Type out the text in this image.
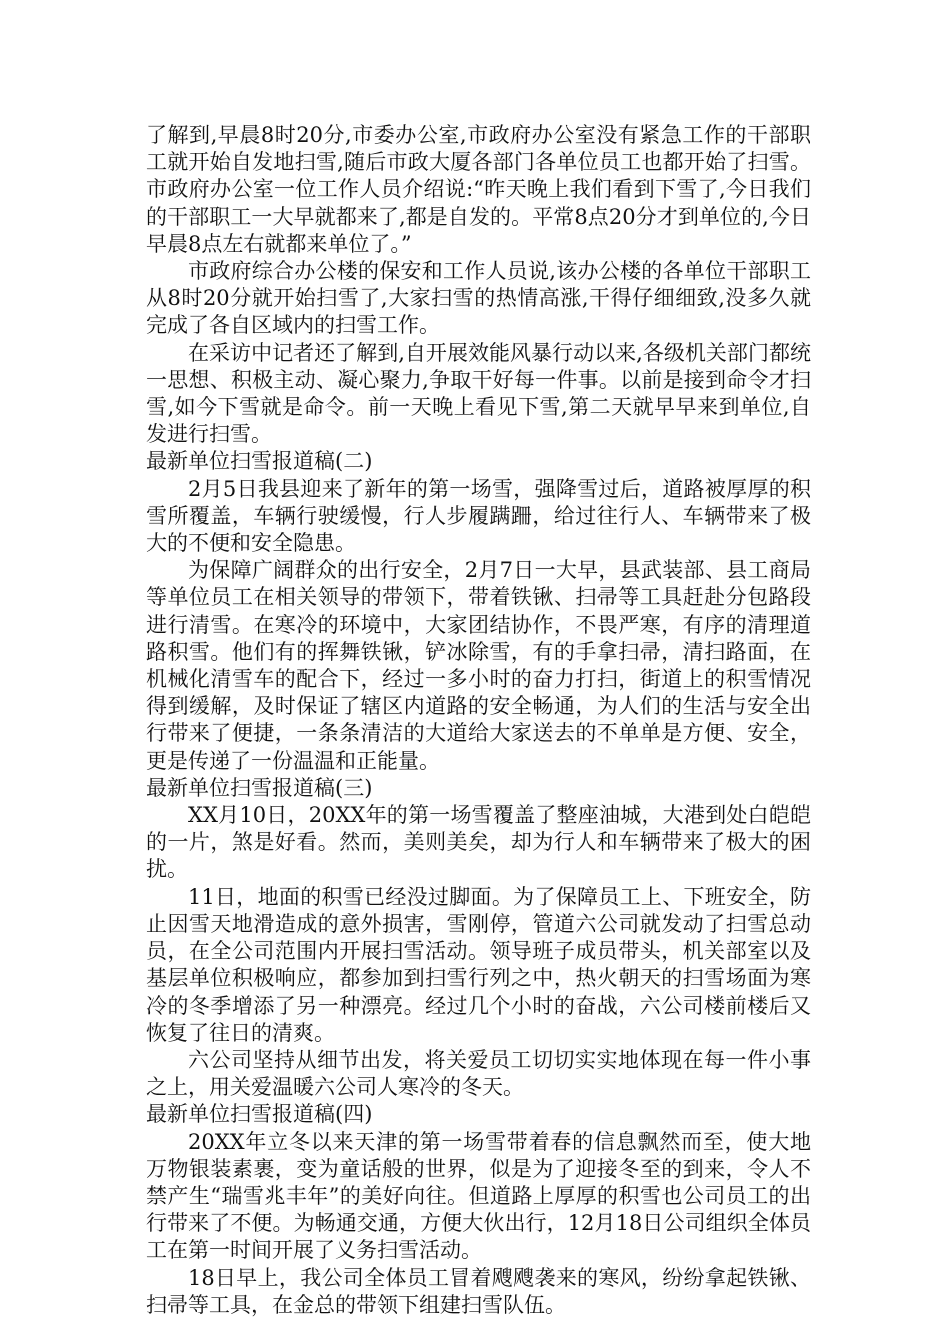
了解到,早晨8时20分,市委办公室,市政府办公室没有紧急工作的干部职工就开始自发地扫雪,随后市政大厦各部门各单位员工也都开始了扫雪。市政府办公室一位工作人员介绍说:“昨天晚上我们看到下雪了,今日我们的干部职工一大早就都来了,都是自发的。平常8点20分才到单位的,今日早晨8点左右就都来单位了。”

市政府综合办公楼的保安和工作人员说,该办公楼的各单位干部职工从8时20分就开始扫雪了,大家扫雪的热情高涨,干得仔细细致,没多久就完成了各自区域内的扫雪工作。

在采访中记者还了解到,自开展效能风暴行动以来,各级机关部门都统一思想、积极主动、凝心聚力,争取干好每一件事。以前是接到命令才扫雪,如今下雪就是命令。前一天晚上看见下雪,第二天就早早来到单位,自发进行扫雪。

最新单位扫雪报道稿(二)

2月5日我县迎来了新年的第一场雪，强降雪过后，道路被厚厚的积雪所覆盖，车辆行驶缓慢，行人步履蹒跚，给过往行人、车辆带来了极大的不便和安全隐患。

为保障广阔群众的出行安全，2月7日一大早，县武装部、县工商局等单位员工在相关领导的带领下，带着铁锹、扫帚等工具赶赴分包路段进行清雪。在寒冷的环境中，大家团结协作，不畏严寒，有序的清理道路积雪。他们有的挥舞铁锹，铲冰除雪，有的手拿扫帚，清扫路面，在机械化清雪车的配合下，经过一多小时的奋力打扫，街道上的积雪情况得到缓解，及时保证了辖区内道路的安全畅通，为人们的生活与安全出行带来了便捷，一条条清洁的大道给大家送去的不单单是方便、安全，更是传递了一份温温和正能量。

最新单位扫雪报道稿(三)

XX月10日，20XX年的第一场雪覆盖了整座油城，大港到处白皑皑的一片，煞是好看。然而，美则美矣，却为行人和车辆带来了极大的困扰。

11日，地面的积雪已经没过脚面。为了保障员工上、下班安全，防止因雪天地滑造成的意外损害，雪刚停，管道六公司就发动了扫雪总动员，在全公司范围内开展扫雪活动。领导班子成员带头，机关部室以及基层单位积极响应，都参加到扫雪行列之中，热火朝天的扫雪场面为寒冷的冬季增添了另一种漂亮。经过几个小时的奋战，六公司楼前楼后又恢复了往日的清爽。

六公司坚持从细节出发，将关爱员工切切实实地体现在每一件小事之上，用关爱温暖六公司人寒冷的冬天。

最新单位扫雪报道稿(四)

20XX年立冬以来天津的第一场雪带着春的信息飘然而至，使大地万物银装素裹，变为童话般的世界，似是为了迎接冬至的到来，令人不禁产生“瑞雪兆丰年”的美好向往。但道路上厚厚的积雪也公司员工的出行带来了不便。为畅通交通，方便大伙出行，12月18日公司组织全体员工在第一时间开展了义务扫雪活动。

18日早上，我公司全体员工冒着飕飕袭来的寒风，纷纷拿起铁锹、扫帚等工具，在金总的带领下组建扫雪队伍。
